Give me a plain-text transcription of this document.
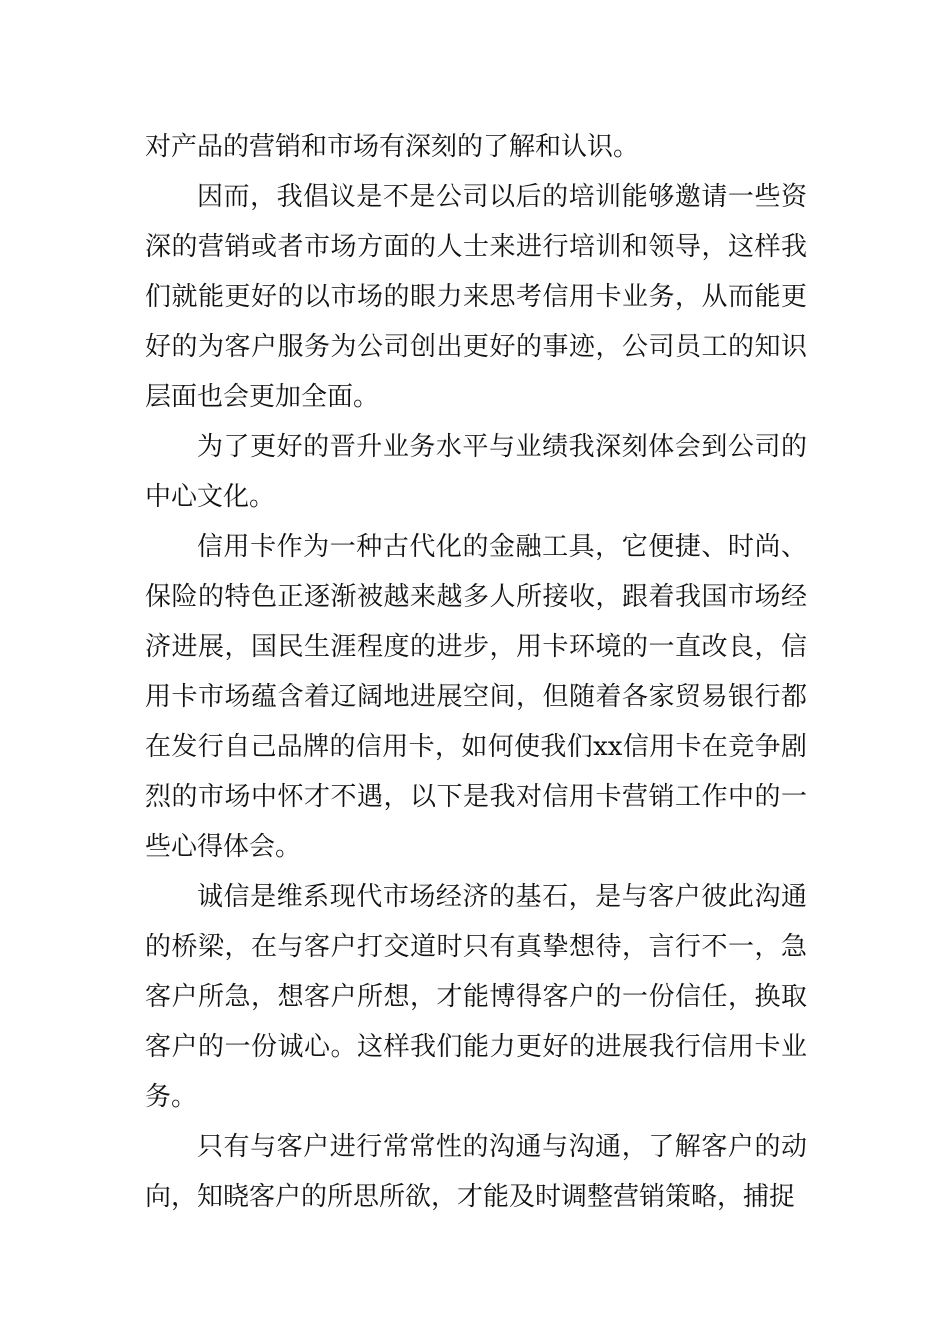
对产品的营销和市场有深刻的了解和认识。

因而，我倡议是不是公司以后的培训能够邀请一些资深的营销或者市场方面的人士来进行培训和领导，这样我们就能更好的以市场的眼力来思考信用卡业务，从而能更好的为客户服务为公司创出更好的事迹，公司员工的知识层面也会更加全面。

为了更好的晋升业务水平与业绩我深刻体会到公司的中心文化。

信用卡作为一种古代化的金融工具，它便捷、时尚、保险的特色正逐渐被越来越多人所接收，跟着我国市场经济进展，国民生涯程度的进步，用卡环境的一直改良，信用卡市场蕴含着辽阔地进展空间，但随着各家贸易银行都在发行自己品牌的信用卡，如何使我们xx信用卡在竞争剧烈的市场中怀才不遇，以下是我对信用卡营销工作中的一些心得体会。

诚信是维系现代市场经济的基石，是与客户彼此沟通的桥梁，在与客户打交道时只有真挚想待，言行不一，急客户所急，想客户所想，才能博得客户的一份信任，换取客户的一份诚心。这样我们能力更好的进展我行信用卡业务。

只有与客户进行常常性的沟通与沟通，了解客户的动向，知晓客户的所思所欲，才能及时调整营销策略，捕捉
